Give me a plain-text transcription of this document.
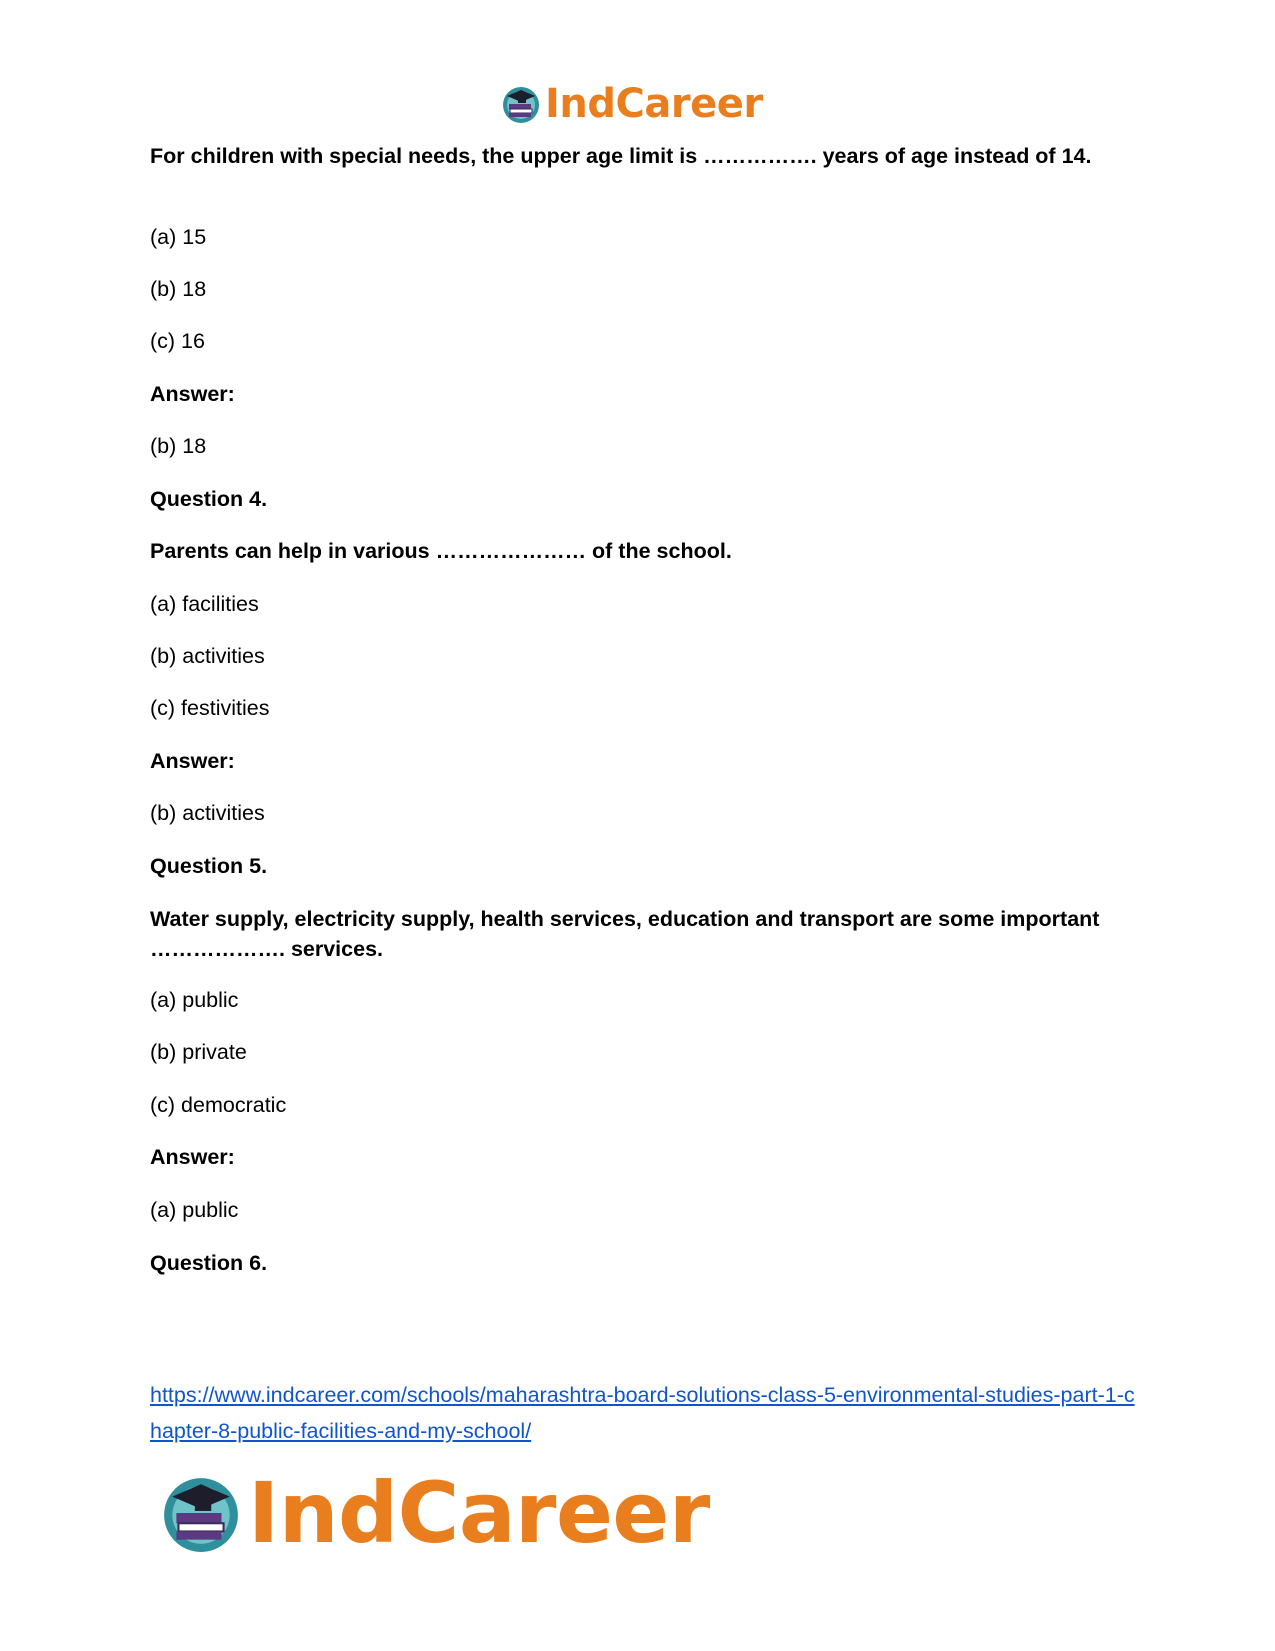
IndCareer
For children with special needs, the upper age limit is ……………. years of age instead of 14.
(a) 15
(b) 18
(c) 16
Answer:
(b) 18
Question 4.
Parents can help in various ………………… of the school.
(a) facilities
(b) activities
(c) festivities
Answer:
(b) activities
Question 5.
Water supply, electricity supply, health services, education and transport are some important ………………. services.
(a) public
(b) private
(c) democratic
Answer:
(a) public
Question 6.
https://www.indcareer.com/schools/maharashtra-board-solutions-class-5-environmental-studies-part-1-chapter-8-public-facilities-and-my-school/
IndCareer
